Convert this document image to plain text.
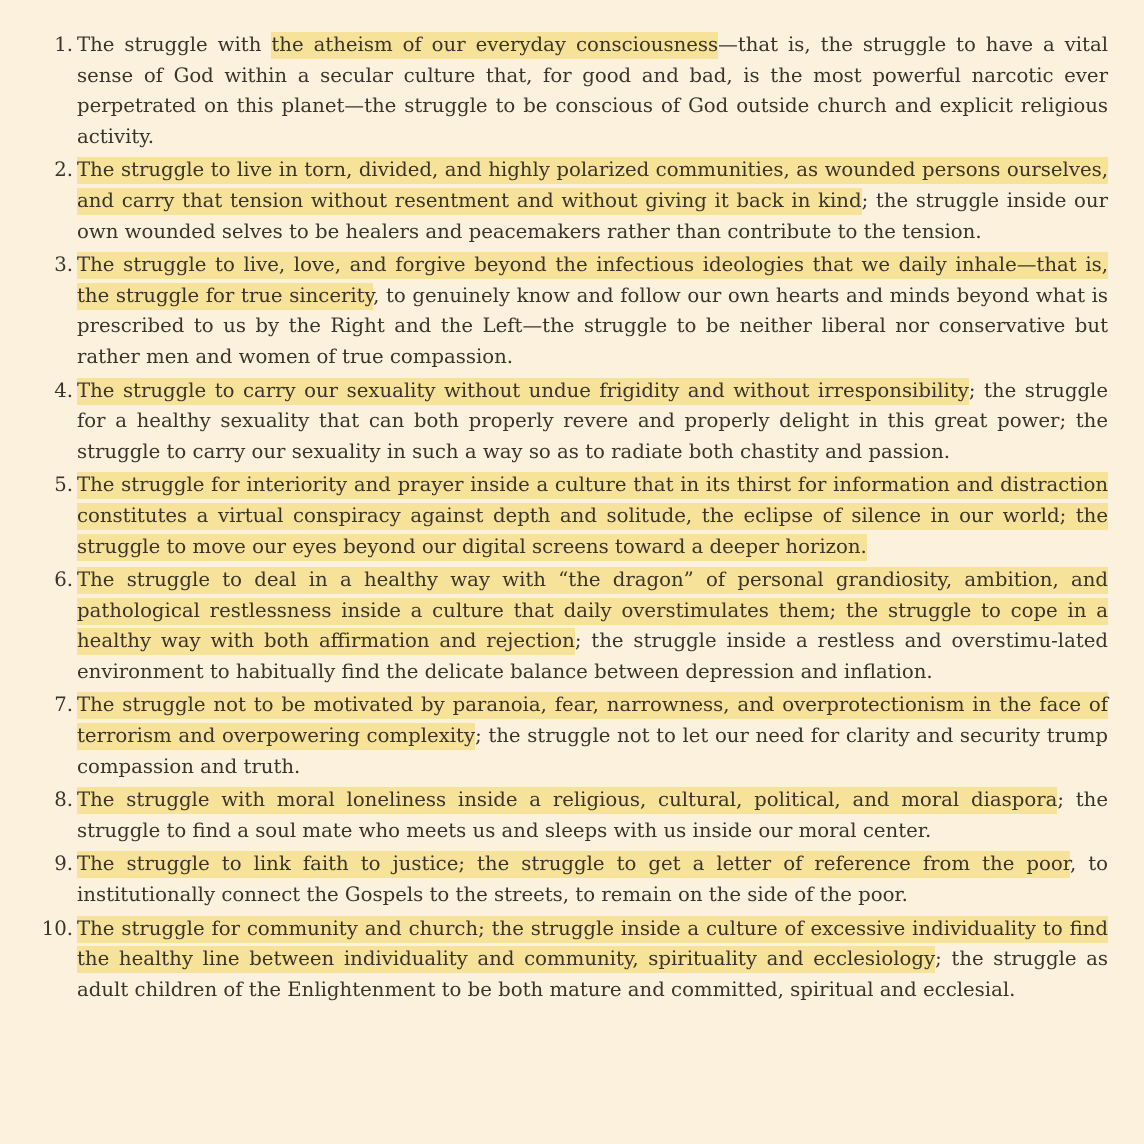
1. The struggle with the atheism of our everyday consciousness—that is, the struggle to have a vital sense of God within a secular culture that, for good and bad, is the most powerful narcotic ever perpetrated on this planet—the struggle to be conscious of God outside church and explicit religious activity.
2. The struggle to live in torn, divided, and highly polarized communities, as wounded persons ourselves, and carry that tension without resentment and without giving it back in kind; the struggle inside our own wounded selves to be healers and peacemakers rather than contribute to the tension.
3. The struggle to live, love, and forgive beyond the infectious ideologies that we daily inhale—that is, the struggle for true sincerity, to genuinely know and follow our own hearts and minds beyond what is prescribed to us by the Right and the Left—the struggle to be neither liberal nor conservative but rather men and women of true compassion.
4. The struggle to carry our sexuality without undue frigidity and without irresponsibility; the struggle for a healthy sexuality that can both properly revere and properly delight in this great power; the struggle to carry our sexuality in such a way so as to radiate both chastity and passion.
5. The struggle for interiority and prayer inside a culture that in its thirst for information and distraction constitutes a virtual conspiracy against depth and solitude, the eclipse of silence in our world; the struggle to move our eyes beyond our digital screens toward a deeper horizon.
6. The struggle to deal in a healthy way with “the dragon” of personal grandiosity, ambition, and pathological restlessness inside a culture that daily overstimulates them; the struggle to cope in a healthy way with both affirmation and rejection; the struggle inside a restless and overstimu-lated environment to habitually find the delicate balance between depression and inflation.
7. The struggle not to be motivated by paranoia, fear, narrowness, and overprotectionism in the face of terrorism and overpowering complexity; the struggle not to let our need for clarity and security trump compassion and truth.
8. The struggle with moral loneliness inside a religious, cultural, political, and moral diaspora; the struggle to find a soul mate who meets us and sleeps with us inside our moral center.
9. The struggle to link faith to justice; the struggle to get a letter of reference from the poor, to institutionally connect the Gospels to the streets, to remain on the side of the poor.
10. The struggle for community and church; the struggle inside a culture of excessive individuality to find the healthy line between individuality and community, spirituality and ecclesiology; the struggle as adult children of the Enlightenment to be both mature and committed, spiritual and ecclesial.
